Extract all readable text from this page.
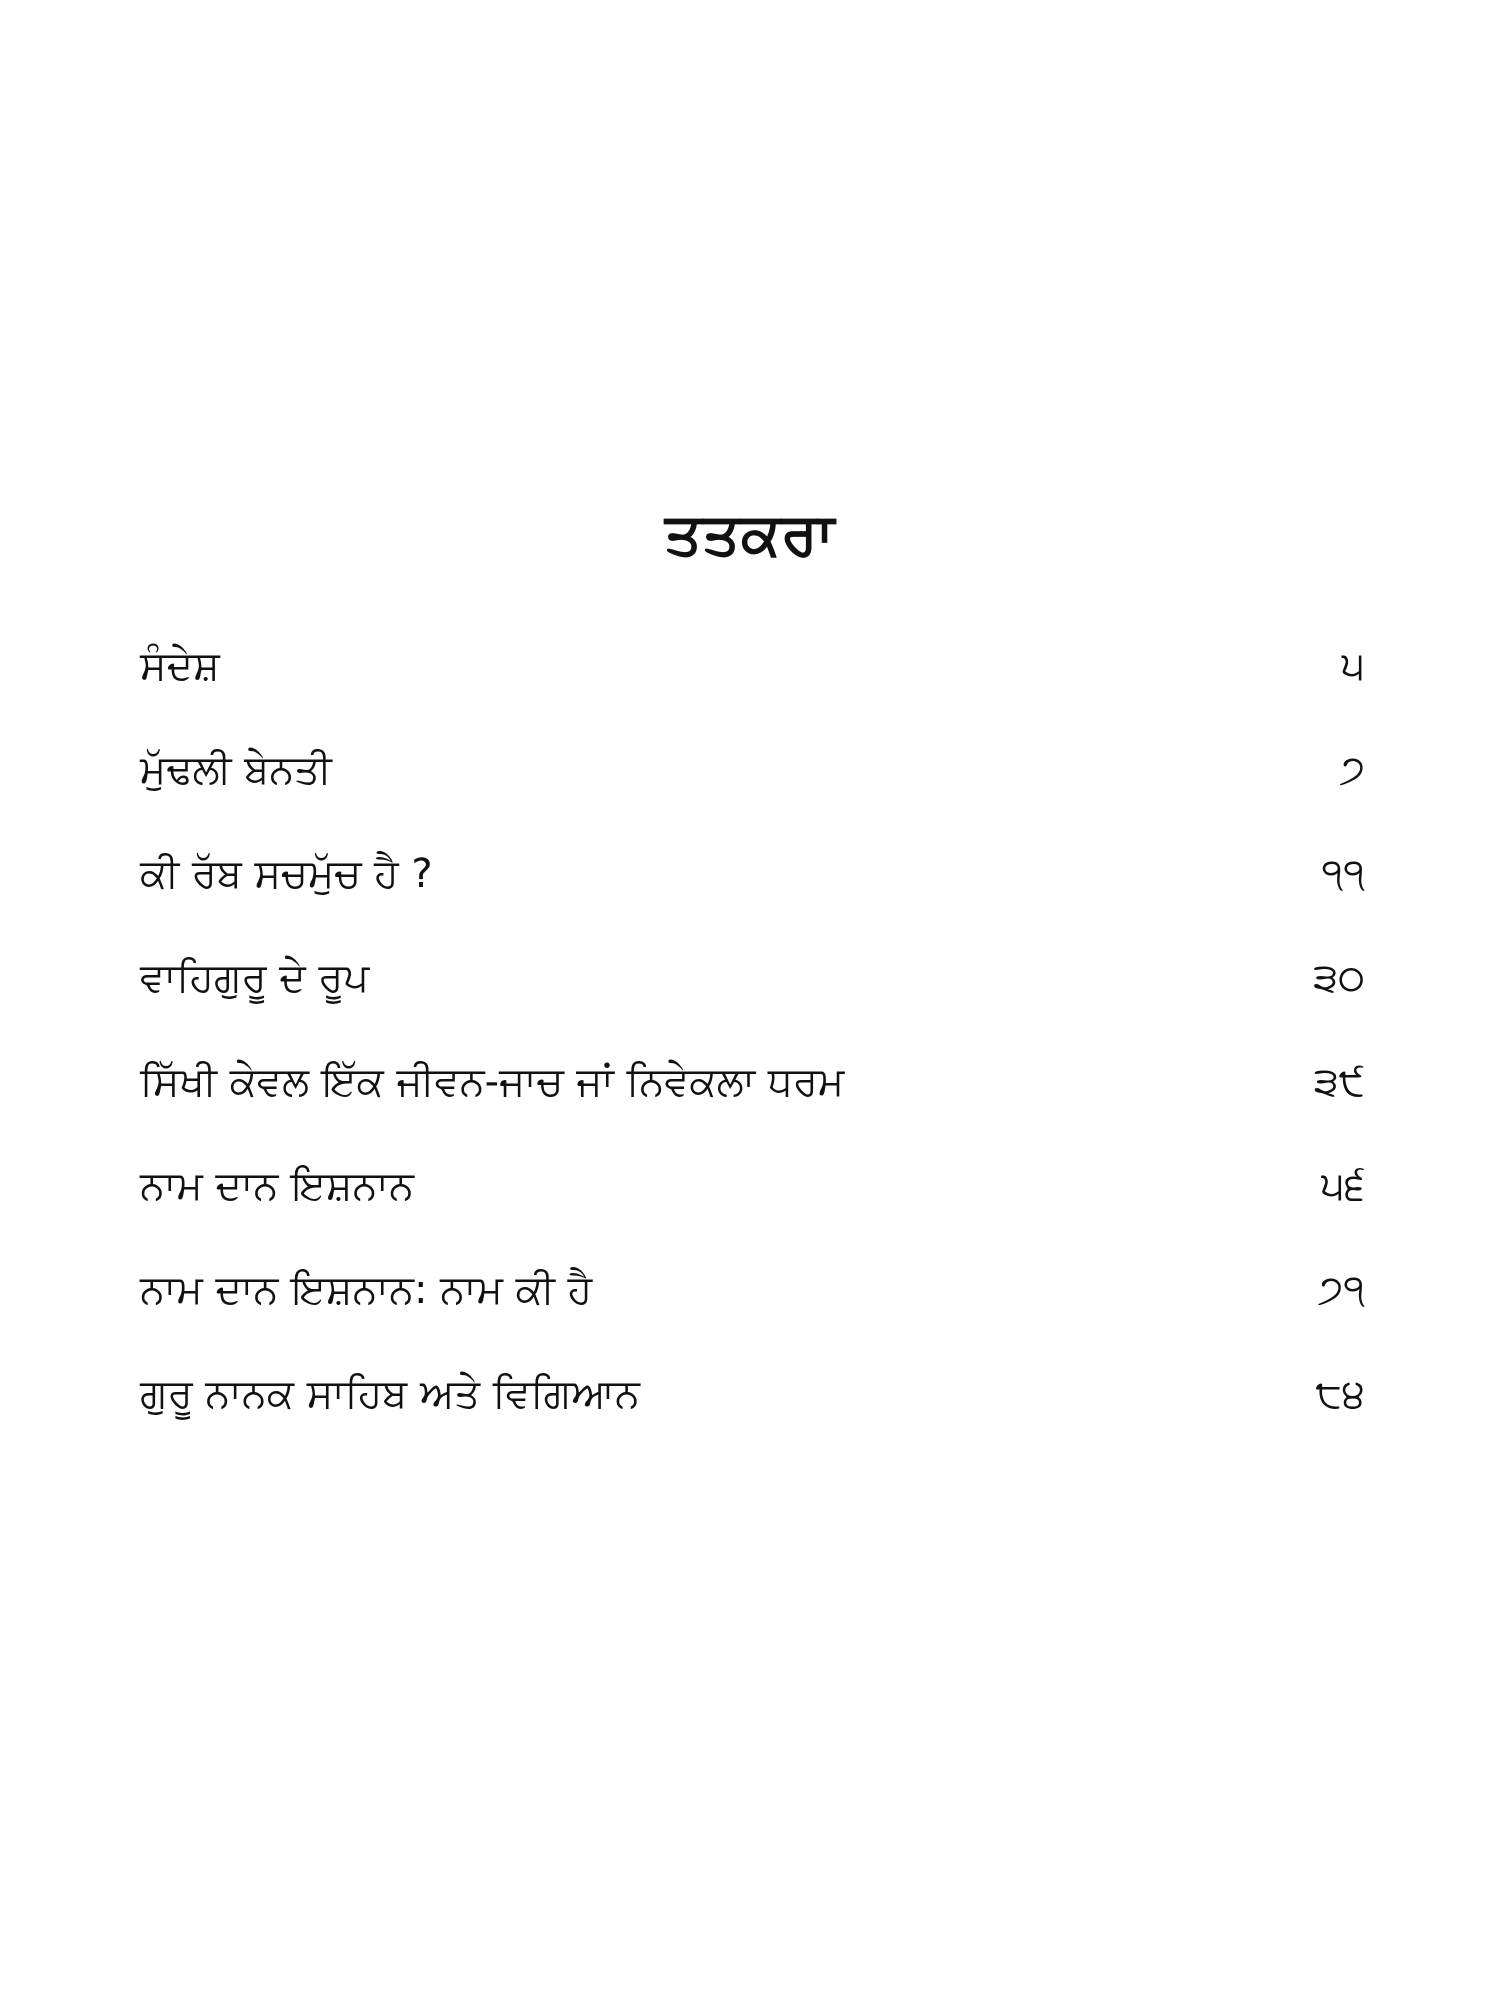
ਤਤਕਰਾ
ਸੰਦੇਸ਼	੫
ਮੁੱਢਲੀ ਬੇਨਤੀ	੭
ਕੀ ਰੱਬ ਸਚਮੁੱਚ ਹੈ ?	੧੧
ਵਾਹਿਗੁਰੂ ਦੇ ਰੂਪ	੩੦
ਸਿੱਖੀ ਕੇਵਲ ਇੱਕ ਜੀਵਨ-ਜਾਚ ਜਾਂ ਨਿਵੇਕਲਾ ਧਰਮ	੩੯
ਨਾਮ ਦਾਨ ਇਸ਼ਨਾਨ	੫੬
ਨਾਮ ਦਾਨ ਇਸ਼ਨਾਨ: ਨਾਮ ਕੀ ਹੈ	੭੧
ਗੁਰੂ ਨਾਨਕ ਸਾਹਿਬ ਅਤੇ ਵਿਗਿਆਨ	੮੪
